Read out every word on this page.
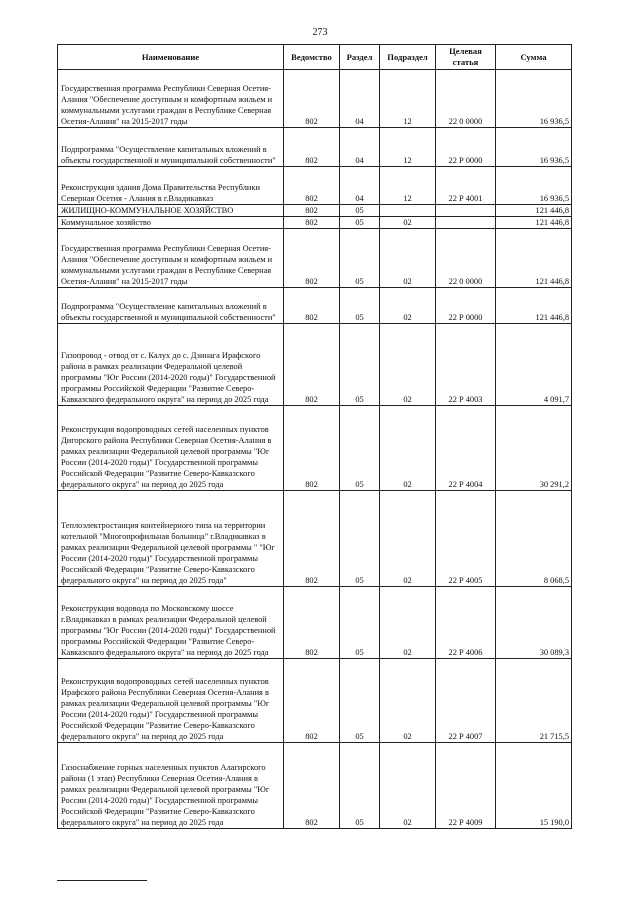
273
Наименование	Ведомство	Раздел	Подраздел	Целевая статья	Сумма
Государственная программа Республики Северная Осетия-Алания "Обеспечение доступным и комфортным жильем и коммунальными услугами граждан в Республике Северная Осетия-Алания" на 2015-2017 годы	802	04	12	22 0 0000	16 936,5
Подпрограмма "Осуществление капитальных вложений в объекты государственной и муниципальной собственности"	802	04	12	22 Р 0000	16 936,5
Реконструкция здания Дома Правительства Республики Северная Осетия - Алания в г.Владикавказ	802	04	12	22 Р 4001	16 936,5
ЖИЛИЩНО-КОММУНАЛЬНОЕ ХОЗЯЙСТВО	802	05			121 446,8
Коммунальное хозяйство	802	05	02		121 446,8
Государственная программа Республики Северная Осетия-Алания "Обеспечение доступным и комфортным жильем и коммунальными услугами граждан в Республике Северная Осетия-Алания" на 2015-2017 годы	802	05	02	22 0 0000	121 446,8
Подпрограмма "Осуществление капитальных вложений в объекты государственной и муниципальной собственности"	802	05	02	22 Р 0000	121 446,8
Газопровод - отвод от с. Калух до с. Дзинага Ирафского района в рамках реализации Федеральной целевой программы "Юг России (2014-2020 годы)" Государственной программы Российской Федерации "Развитие Северо-Кавказского федерального округа" на период до 2025 года	802	05	02	22 Р 4003	4 091,7
Реконструкция водопроводных сетей населенных пунктов Дигорского района Республики Северная Осетия-Алания в рамках реализации Федеральной целевой программы "Юг России (2014-2020 годы)" Государственной программы Российской Федерации "Развитие Северо-Кавказского федерального округа" на период до 2025 года	802	05	02	22 Р 4004	30 291,2
Теплоэлектростанция контейнерного типа на территории котельной "Многопрофильная больница" г.Владикавказ в рамках реализации Федеральной целевой программы " "Юг России (2014-2020 годы)" Государственной программы Российской Федерации "Развитие Северо-Кавказского федерального округа" на период до 2025 года"	802	05	02	22 Р 4005	8 068,5
Реконструкция водовода по Московскому шоссе г.Владикавказ в рамках реализации Федеральной целевой программы "Юг России (2014-2020 годы)" Государственной программы Российской Федерации "Развитие Северо-Кавказского федерального округа" на период до 2025 года	802	05	02	22 Р 4006	30 089,3
Реконструкция водопроводных сетей населенных пунктов Ирафского района Республики Северная Осетия-Алания в рамках реализации Федеральной целевой программы "Юг России (2014-2020 годы)" Государственной программы Российской Федерации "Развитие Северо-Кавказского федерального округа" на период до 2025 года	802	05	02	22 Р 4007	21 715,5
Газоснабжение горных населенных пунктов Алагирского района (1 этап) Республики Северная Осетия-Алания в рамках реализации Федеральной целевой программы "Юг России (2014-2020 годы)" Государственной программы Российской Федерации "Развитие Северо-Кавказского федерального округа" на период до 2025 года	802	05	02	22 Р 4009	15 190,0
